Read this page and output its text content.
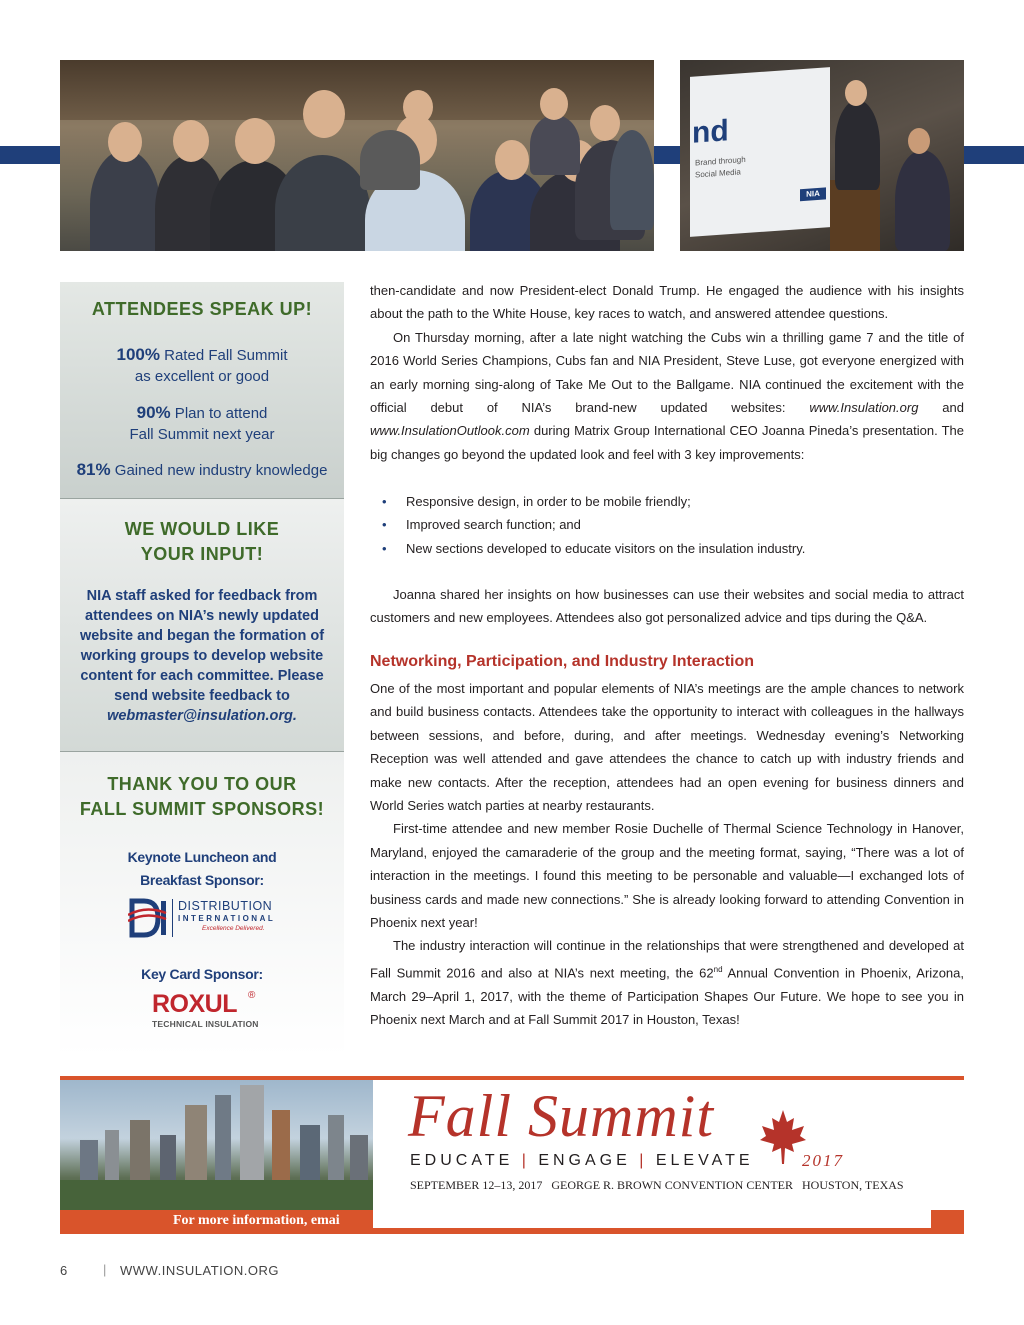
nd
Brand through
Social Media
NIA
ATTENDEES SPEAK UP!
100% Rated Fall Summit
as excellent or good
90% Plan to attend
Fall Summit next year
81% Gained new industry knowledge
WE WOULD LIKE
YOUR INPUT!
NIA staff asked for feedback from attendees on NIA’s newly updated website and began the formation of working groups to develop website content for each committee. Please send website feedback to
webmaster@insulation.org.
THANK YOU TO OUR
FALL SUMMIT SPONSORS!
Keynote Luncheon and
Breakfast Sponsor:
DISTRIBUTION
INTERNATIONAL
Excellence Delivered.
Key Card Sponsor:
ROXUL ®
TECHNICAL INSULATION

then-candidate and now President-elect Donald Trump. He engaged the audience with his insights about the path to the White House, key races to watch, and answered attendee questions.

On Thursday morning, after a late night watching the Cubs win a thrilling game 7 and the title of 2016 World Series Champions, Cubs fan and NIA President, Steve Luse, got everyone energized with an early morning sing-along of Take Me Out to the Ballgame. NIA continued the excitement with the official debut of NIA’s brand-new updated websites: www.Insulation.org and www.InsulationOutlook.com during Matrix Group International CEO Joanna Pineda’s presentation. The big changes go beyond the updated look and feel with 3 key improvements:

• Responsive design, in order to be mobile friendly;
• Improved search function; and
• New sections developed to educate visitors on the insulation industry.

Joanna shared her insights on how businesses can use their websites and social media to attract customers and new employees. Attendees also got personalized advice and tips during the Q&A.

Networking, Participation, and Industry Interaction

One of the most important and popular elements of NIA’s meetings are the ample chances to network and build business contacts. Attendees take the opportunity to interact with colleagues in the hallways between sessions, and before, during, and after meetings. Wednesday evening’s Networking Reception was well attended and gave attendees the chance to catch up with industry friends and make new contacts. After the reception, attendees had an open evening for business dinners and World Series watch parties at nearby restaurants.

First-time attendee and new member Rosie Duchelle of Thermal Science Technology in Hanover, Maryland, enjoyed the camaraderie of the group and the meeting format, saying, “There was a lot of interaction in the meetings. I found this meeting to be personable and valuable—I exchanged lots of business cards and made new connections.” She is already looking forward to attending Convention in Phoenix next year!

The industry interaction will continue in the relationships that were strengthened and developed at Fall Summit 2016 and also at NIA’s next meeting, the 62nd Annual Convention in Phoenix, Arizona, March 29–April 1, 2017, with the theme of Participation Shapes Our Future. We hope to see you in Phoenix next March and at Fall Summit 2017 in Houston, Texas!

Fall Summit
EDUCATE | ENGAGE | ELEVATE	2017
SEPTEMBER 12–13, 2017 GEORGE R. BROWN CONVENTION CENTER HOUSTON, TEXAS
For more information, emai
6	| WWW.INSULATION.ORG
